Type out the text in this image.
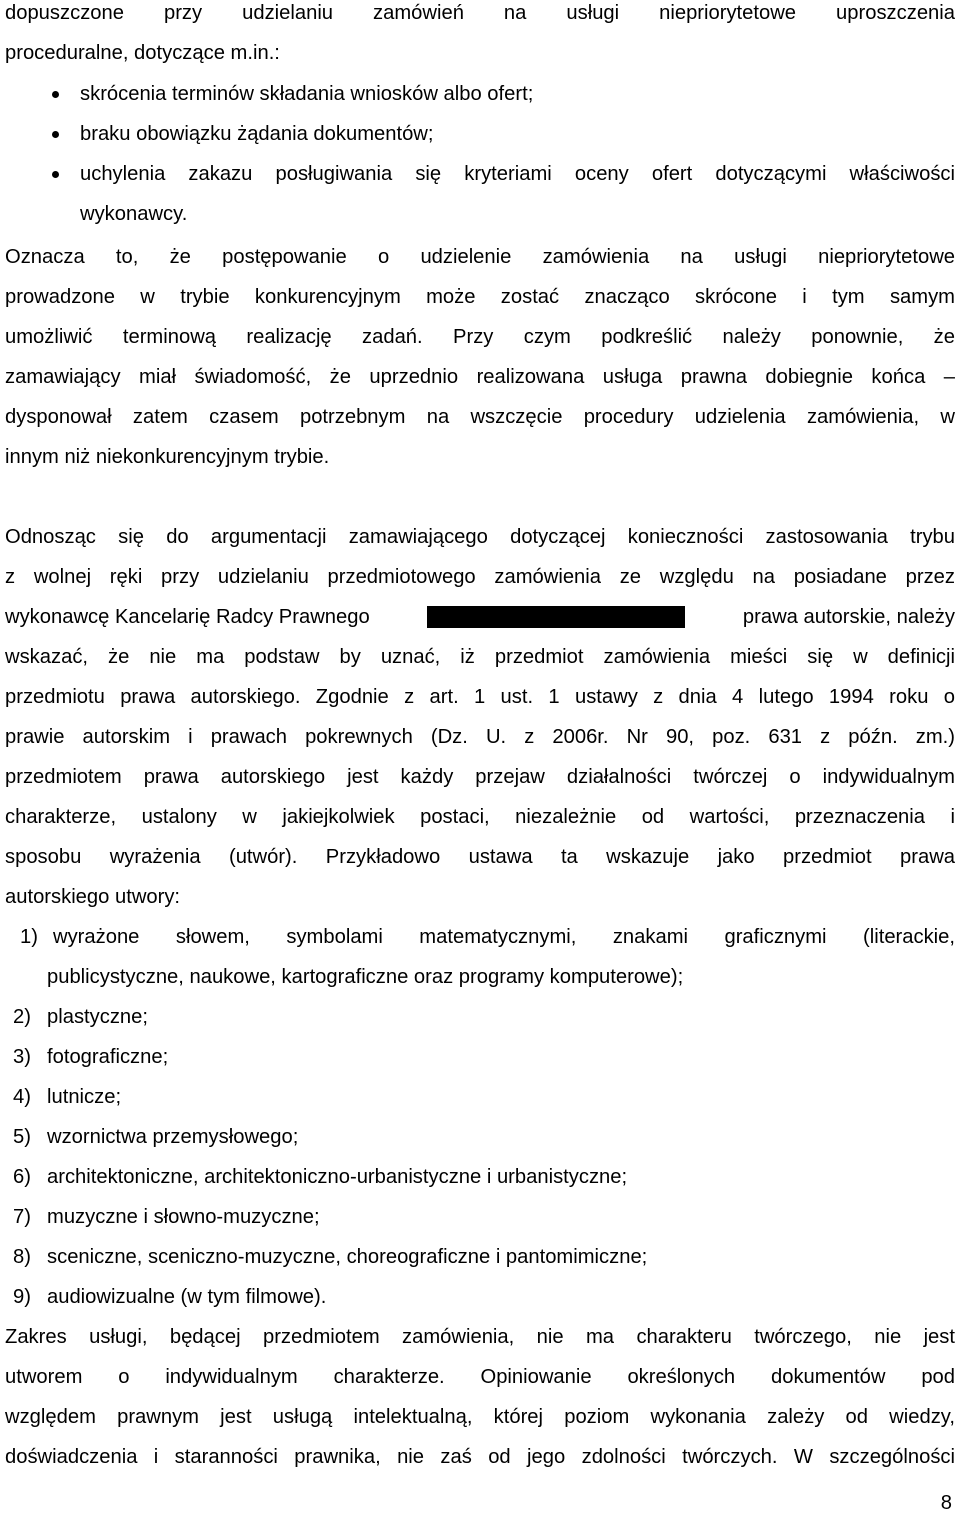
dopuszczone przy udzielaniu zamówień na usługi niepriorytetowe uproszczenia
proceduralne, dotyczące m.in.:
skrócenia terminów składania wniosków albo ofert;
braku obowiązku żądania dokumentów;
uchylenia zakazu posługiwania się kryteriami oceny ofert dotyczącymi właściwości
wykonawcy.
Oznacza to, że postępowanie o udzielenie zamówienia na usługi niepriorytetowe
prowadzone w trybie konkurencyjnym może zostać znacząco skrócone i tym samym
umożliwić terminową realizację zadań. Przy czym podkreślić należy ponownie, że
zamawiający miał świadomość, że uprzednio realizowana usługa prawna dobiegnie końca –
dysponował zatem czasem potrzebnym na wszczęcie procedury udzielenia zamówienia, w
innym niż niekonkurencyjnym trybie.
Odnosząc się do argumentacji zamawiającego dotyczącej konieczności zastosowania trybu
z wolnej ręki przy udzielaniu przedmiotowego zamówienia ze względu na posiadane przez
wykonawcę Kancelarię Radcy Prawnego	prawa autorskie, należy
wskazać, że nie ma podstaw by uznać, iż przedmiot zamówienia mieści się w definicji
przedmiotu prawa autorskiego. Zgodnie z art. 1 ust. 1 ustawy z dnia 4 lutego 1994 roku o
prawie autorskim i prawach pokrewnych (Dz. U. z 2006r. Nr 90, poz. 631 z późn. zm.)
przedmiotem prawa autorskiego jest każdy przejaw działalności twórczej o indywidualnym
charakterze, ustalony w jakiejkolwiek postaci, niezależnie od wartości, przeznaczenia i
sposobu wyrażenia (utwór). Przykładowo ustawa ta wskazuje jako przedmiot prawa
autorskiego utwory:
1) wyrażone słowem, symbolami matematycznymi, znakami graficznymi (literackie,
publicystyczne, naukowe, kartograficzne oraz programy komputerowe);
2) plastyczne;
3) fotograficzne;
4) lutnicze;
5) wzornictwa przemysłowego;
6) architektoniczne, architektoniczno-urbanistyczne i urbanistyczne;
7) muzyczne i słowno-muzyczne;
8) sceniczne, sceniczno-muzyczne, choreograficzne i pantomimiczne;
9) audiowizualne (w tym filmowe).
Zakres usługi, będącej przedmiotem zamówienia, nie ma charakteru twórczego, nie jest
utworem o indywidualnym charakterze. Opiniowanie określonych dokumentów pod
względem prawnym jest usługą intelektualną, której poziom wykonania zależy od wiedzy,
doświadczenia i staranności prawnika, nie zaś od jego zdolności twórczych. W szczególności
8
